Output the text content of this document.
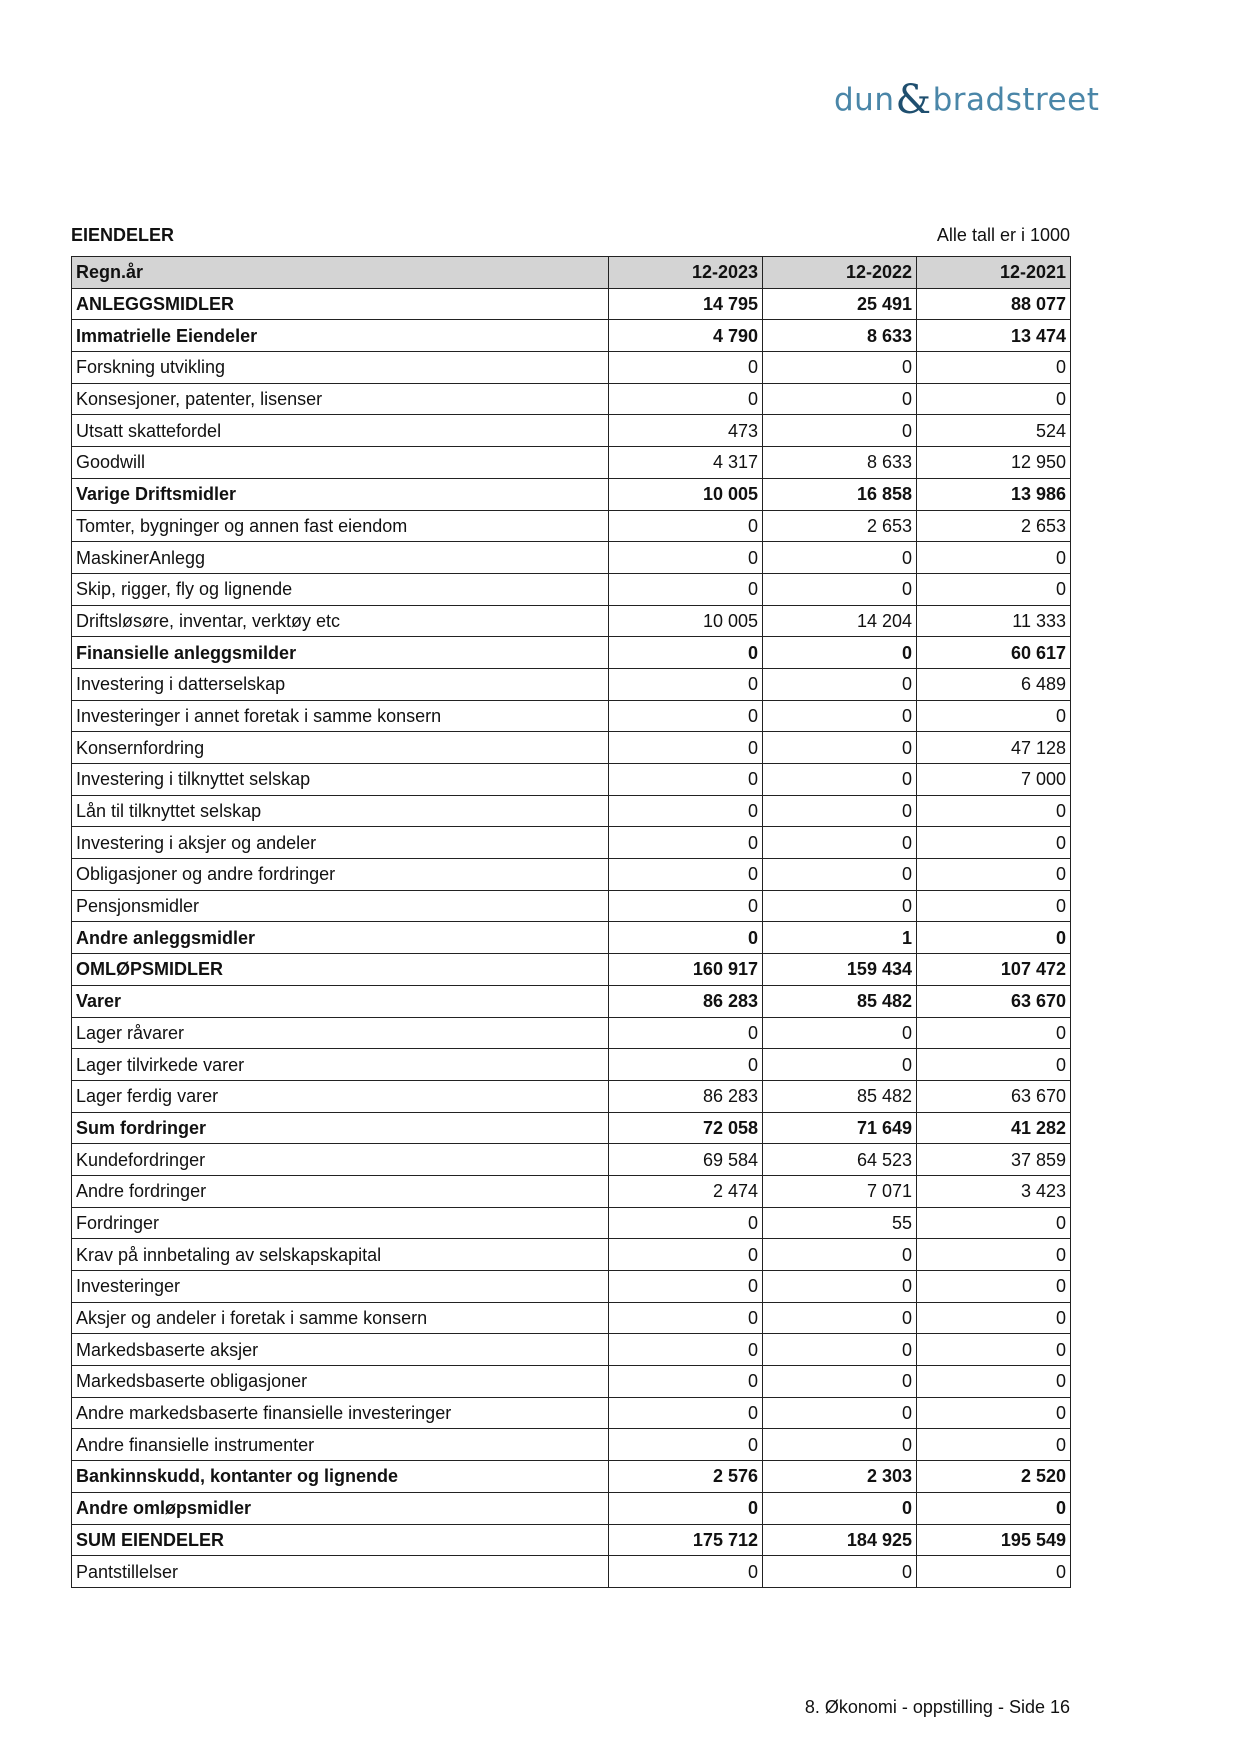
dun & bradstreet
EIENDELER	Alle tall er i 1000
Regn.år	12-2023	12-2022	12-2021
ANLEGGSMIDLER	14 795	25 491	88 077
Immatrielle Eiendeler	4 790	8 633	13 474
Forskning utvikling	0	0	0
Konsesjoner, patenter, lisenser	0	0	0
Utsatt skattefordel	473	0	524
Goodwill	4 317	8 633	12 950
Varige Driftsmidler	10 005	16 858	13 986
Tomter, bygninger og annen fast eiendom	0	2 653	2 653
MaskinerAnlegg	0	0	0
Skip, rigger, fly og lignende	0	0	0
Driftsløsøre, inventar, verktøy etc	10 005	14 204	11 333
Finansielle anleggsmilder	0	0	60 617
Investering i datterselskap	0	0	6 489
Investeringer i annet foretak i samme konsern	0	0	0
Konsernfordring	0	0	47 128
Investering i tilknyttet selskap	0	0	7 000
Lån til tilknyttet selskap	0	0	0
Investering i aksjer og andeler	0	0	0
Obligasjoner og andre fordringer	0	0	0
Pensjonsmidler	0	0	0
Andre anleggsmidler	0	1	0
OMLØPSMIDLER	160 917	159 434	107 472
Varer	86 283	85 482	63 670
Lager råvarer	0	0	0
Lager tilvirkede varer	0	0	0
Lager ferdig varer	86 283	85 482	63 670
Sum fordringer	72 058	71 649	41 282
Kundefordringer	69 584	64 523	37 859
Andre fordringer	2 474	7 071	3 423
Fordringer	0	55	0
Krav på innbetaling av selskapskapital	0	0	0
Investeringer	0	0	0
Aksjer og andeler i foretak i samme konsern	0	0	0
Markedsbaserte aksjer	0	0	0
Markedsbaserte obligasjoner	0	0	0
Andre markedsbaserte finansielle investeringer	0	0	0
Andre finansielle instrumenter	0	0	0
Bankinnskudd, kontanter og lignende	2 576	2 303	2 520
Andre omløpsmidler	0	0	0
SUM EIENDELER	175 712	184 925	195 549
Pantstillelser	0	0	0
8. Økonomi - oppstilling - Side 16
